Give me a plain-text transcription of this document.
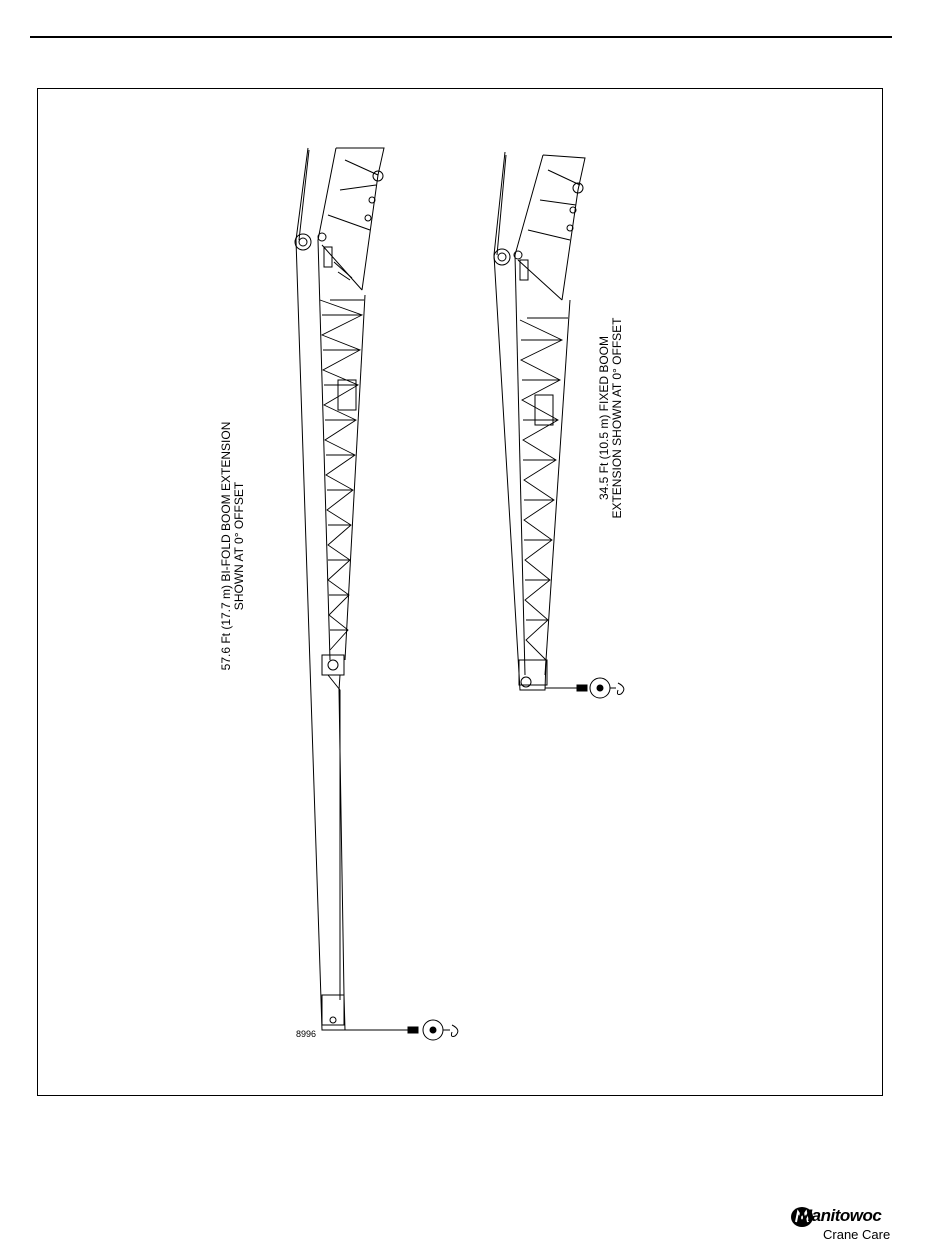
57.6 Ft (17.7 m) BI-FOLD BOOM EXTENSION SHOWN AT 0° OFFSET
34.5 Ft (10.5 m) FIXED BOOM EXTENSION SHOWN AT 0° OFFSET
8996
Manitowoc
Crane Care
